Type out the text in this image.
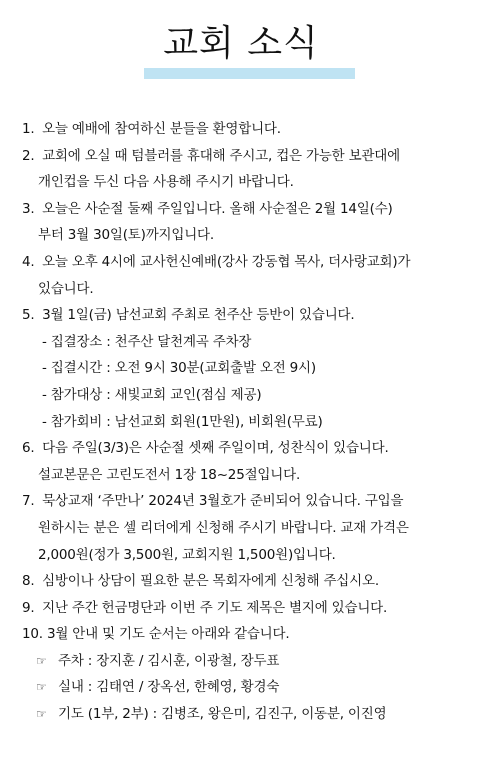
교회 소식
1. 오늘 예배에 참여하신 분들을 환영합니다.
2. 교회에 오실 때 텀블러를 휴대해 주시고, 컵은 가능한 보관대에
개인컵을 두신 다음 사용해 주시기 바랍니다.
3. 오늘은 사순절 둘째 주일입니다. 올해 사순절은 2월 14일(수)
부터 3월 30일(토)까지입니다.
4. 오늘 오후 4시에 교사헌신예배(강사 강동협 목사, 더사랑교회)가
있습니다.
5. 3월 1일(금) 남선교회 주최로 천주산 등반이 있습니다.
- 집결장소 : 천주산 달천계곡 주차장
- 집결시간 : 오전 9시 30분(교회출발 오전 9시)
- 참가대상 : 새빛교회 교인(점심 제공)
- 참가회비 : 남선교회 회원(1만원), 비회원(무료)
6. 다음 주일(3/3)은 사순절 셋째 주일이며, 성찬식이 있습니다.
설교본문은 고린도전서 1장 18~25절입니다.
7. 묵상교재 ‘주만나’ 2024년 3월호가 준비되어 있습니다. 구입을
원하시는 분은 셀 리더에게 신청해 주시기 바랍니다. 교재 가격은
2,000원(정가 3,500원, 교회지원 1,500원)입니다.
8. 심방이나 상담이 필요한 분은 목회자에게 신청해 주십시오.
9. 지난 주간 헌금명단과 이번 주 기도 제목은 별지에 있습니다.
10. 3월 안내 및 기도 순서는 아래와 같습니다.
☞ 주차 : 장지훈 / 김시훈, 이광철, 장두표
☞ 실내 : 김태연 / 장옥선, 한혜영, 황경숙
☞ 기도 (1부, 2부) : 김병조, 왕은미, 김진구, 이동분, 이진영
